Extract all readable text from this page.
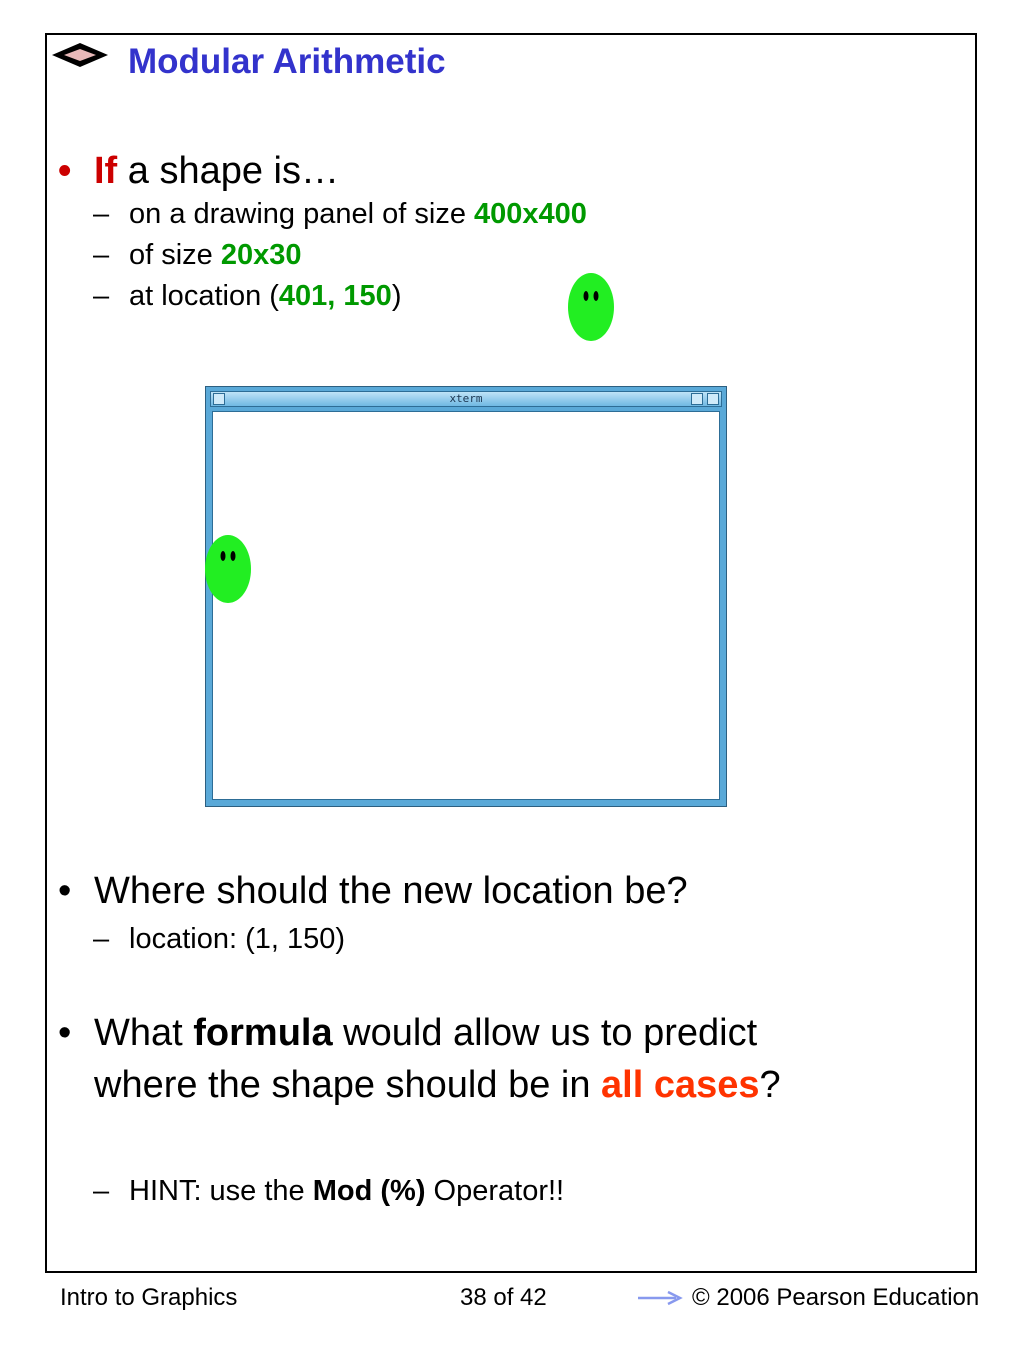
Modular Arithmetic
• If a shape is…
– on a drawing panel of size 400x400
– of size 20x30
– at location (401, 150)
xterm
• Where should the new location be?
– location: (1, 150)
• What formula would allow us to predict
where the shape should be in all cases?
– HINT: use the Mod (%) Operator!!
Intro to Graphics	38 of 42	© 2006 Pearson Education
